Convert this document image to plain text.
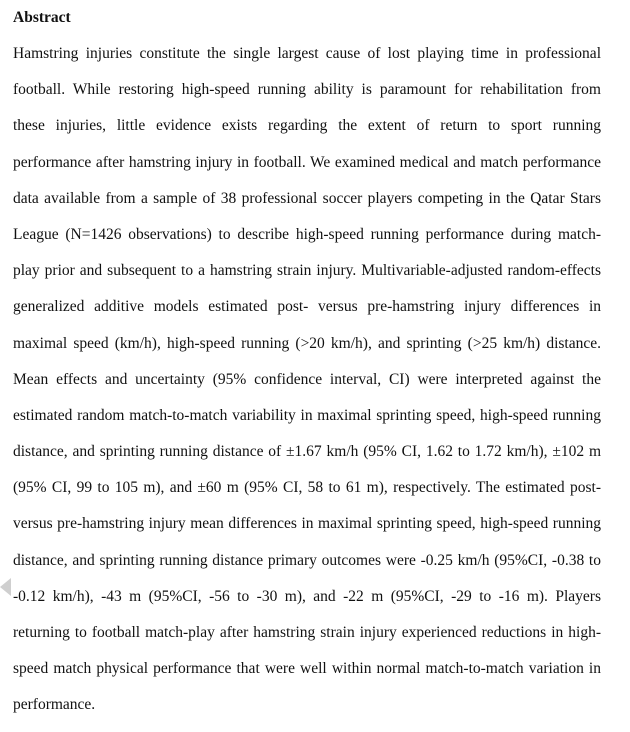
Abstract
Hamstring injuries constitute the single largest cause of lost playing time in professional
football. While restoring high-speed running ability is paramount for rehabilitation from
these injuries, little evidence exists regarding the extent of return to sport running
performance after hamstring injury in football. We examined medical and match performance
data available from a sample of 38 professional soccer players competing in the Qatar Stars
League (N=1426 observations) to describe high-speed running performance during match-
play prior and subsequent to a hamstring strain injury. Multivariable-adjusted random-effects
generalized additive models estimated post- versus pre-hamstring injury differences in
maximal speed (km/h), high-speed running (>20 km/h), and sprinting (>25 km/h) distance.
Mean effects and uncertainty (95% confidence interval, CI) were interpreted against the
estimated random match-to-match variability in maximal sprinting speed, high-speed running
distance, and sprinting running distance of ±1.67 km/h (95% CI, 1.62 to 1.72 km/h), ±102 m
(95% CI, 99 to 105 m), and ±60 m (95% CI, 58 to 61 m), respectively. The estimated post-
versus pre-hamstring injury mean differences in maximal sprinting speed, high-speed running
distance, and sprinting running distance primary outcomes were -0.25 km/h (95%CI, -0.38 to
-0.12 km/h), -43 m (95%CI, -56 to -30 m), and -22 m (95%CI, -29 to -16 m). Players
returning to football match-play after hamstring strain injury experienced reductions in high-
speed match physical performance that were well within normal match-to-match variation in
performance.
